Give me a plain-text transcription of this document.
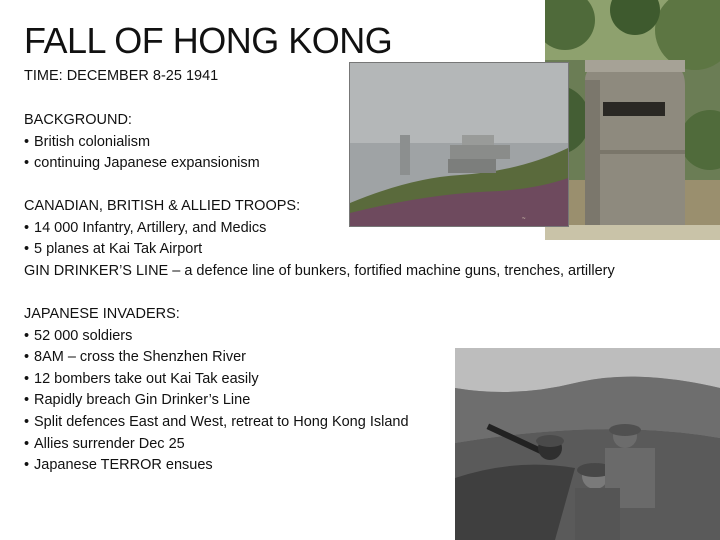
~
FALL OF HONG KONG
TIME: DECEMBER 8-25 1941
BACKGROUND:
• British colonialism
• continuing Japanese expansionism
CANADIAN, BRITISH & ALLIED TROOPS:
• 14 000 Infantry, Artillery, and Medics
• 5 planes at Kai Tak Airport
GIN DRINKER’S LINE – a defence line of bunkers, fortified machine guns, trenches, artillery
JAPANESE INVADERS:
• 52 000 soldiers
• 8AM – cross the Shenzhen River
• 12 bombers take out Kai Tak easily
• Rapidly breach Gin Drinker’s Line
• Split defences East and West, retreat to Hong Kong Island
• Allies surrender Dec 25
• Japanese TERROR ensues
